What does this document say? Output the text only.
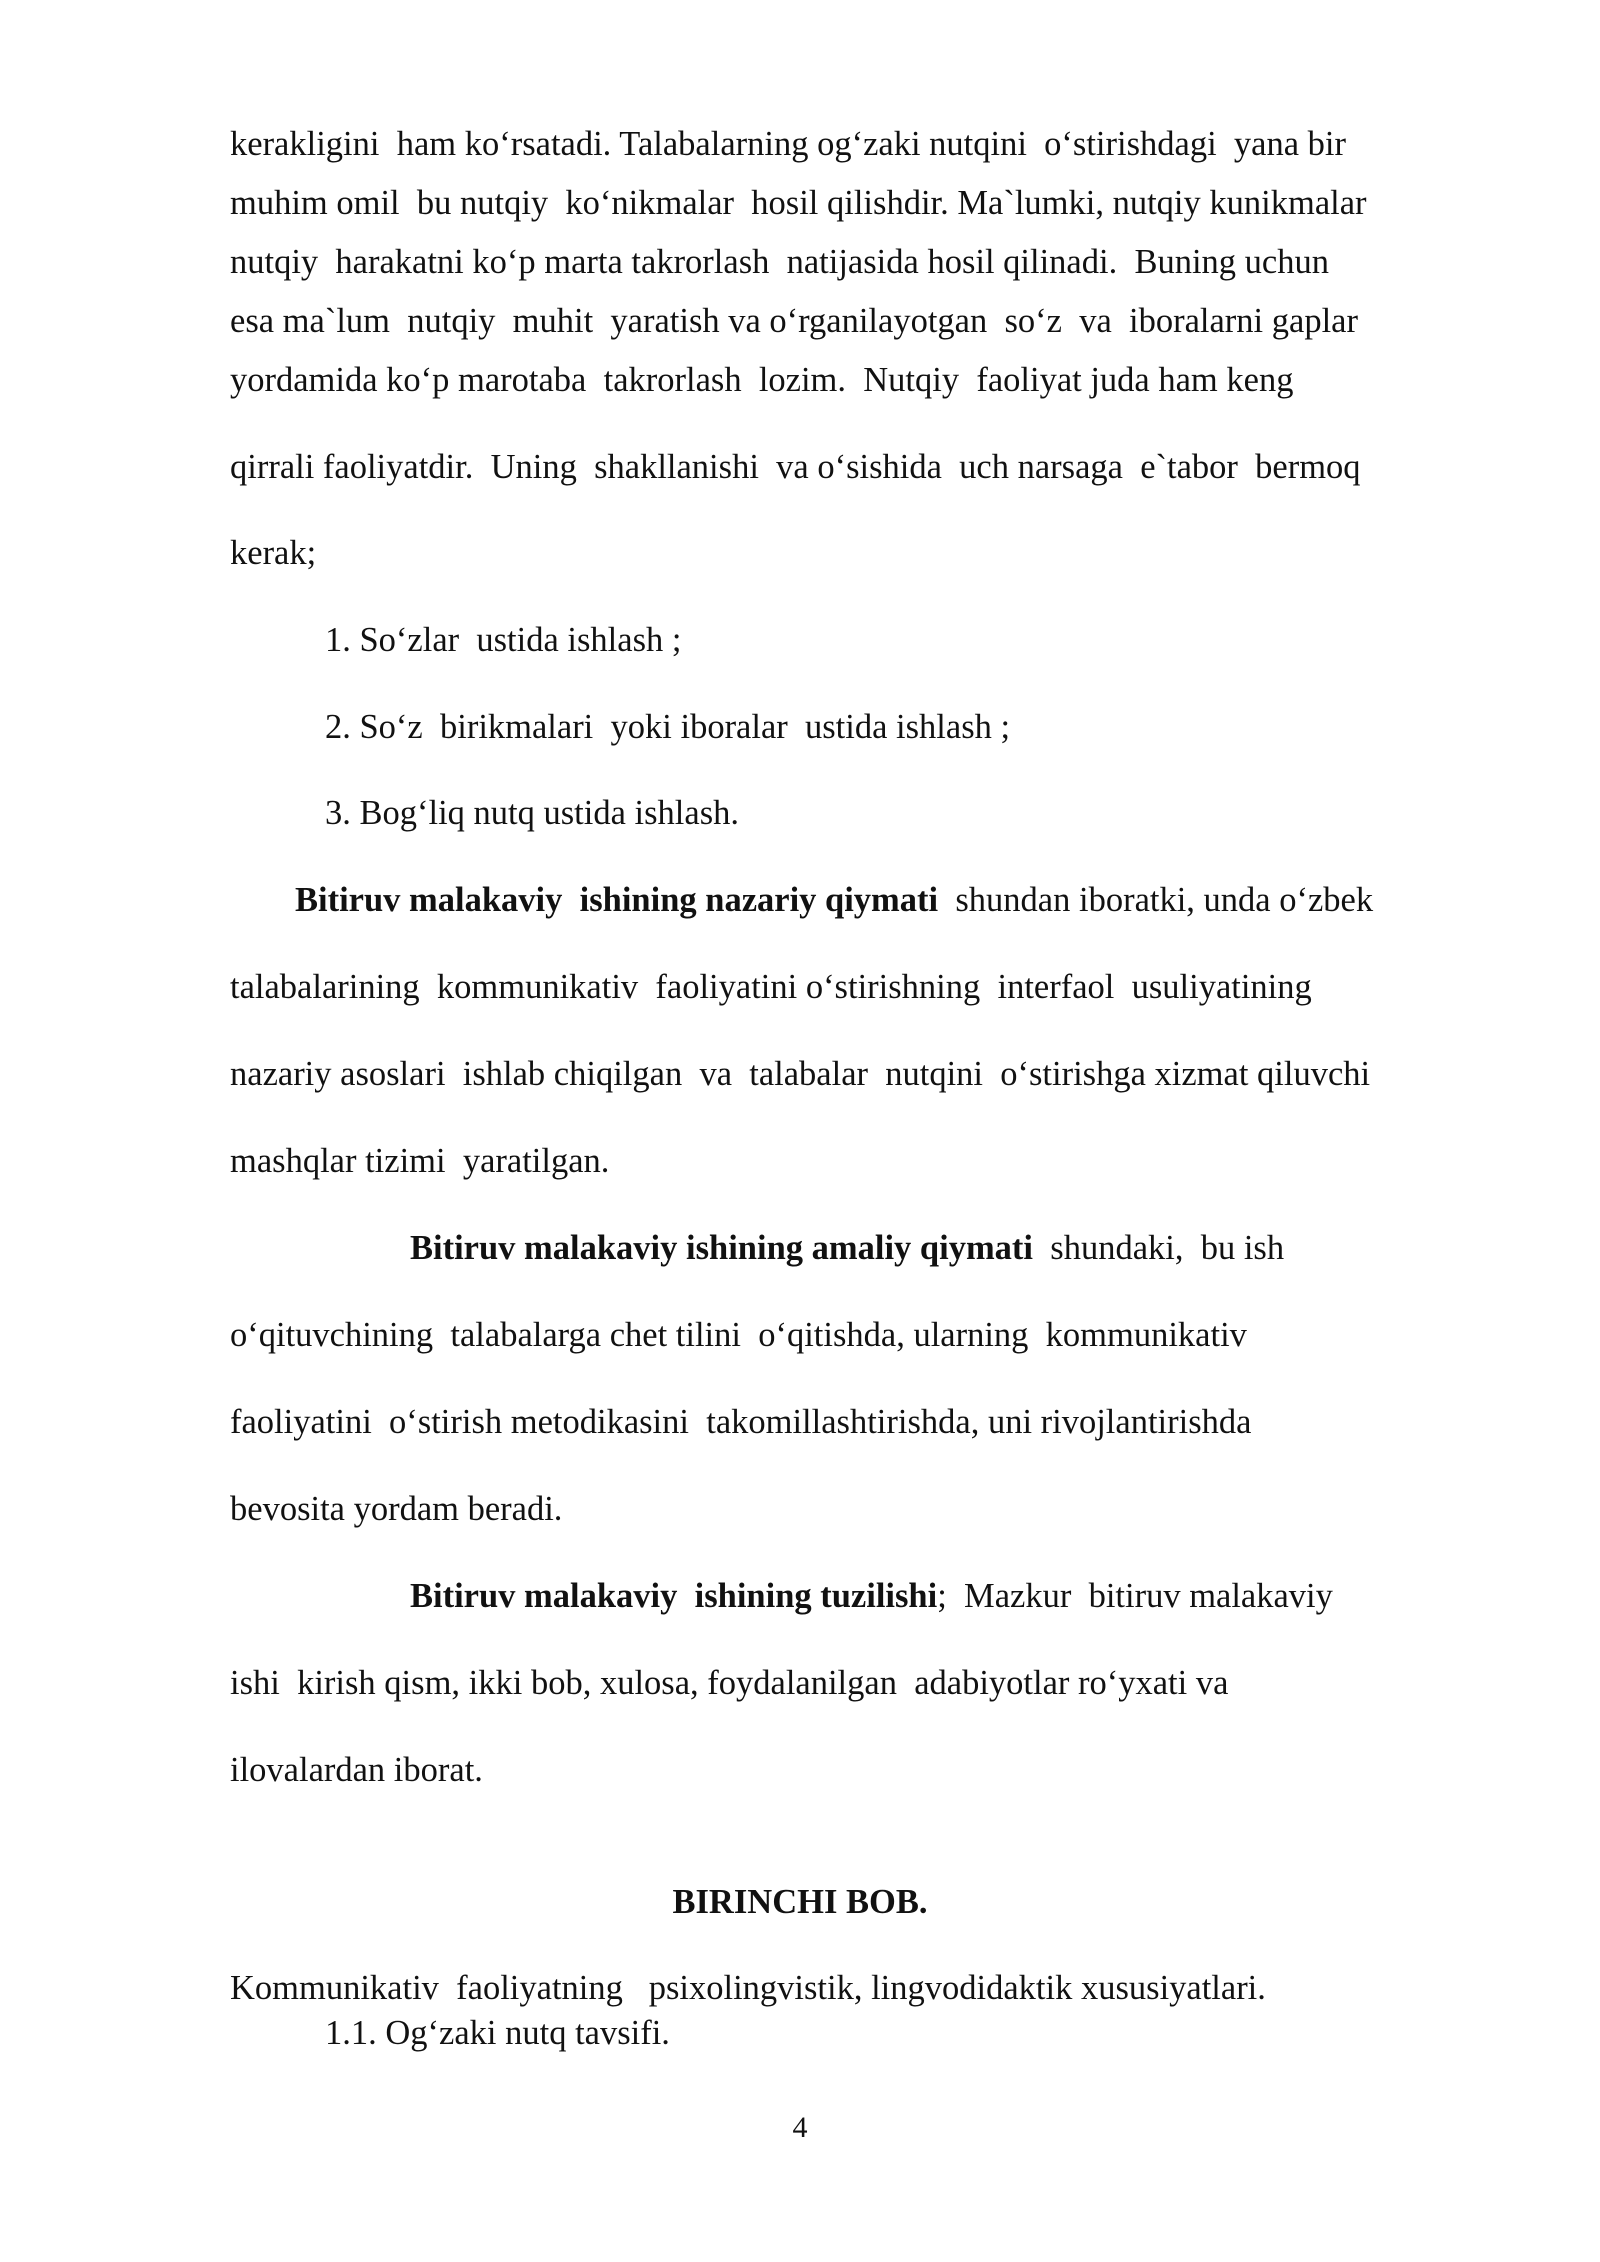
kerakligini  ham ko‘rsatadi. Talabalarning og‘zaki nutqini  o‘stirishdagi  yana bir

muhim omil  bu nutqiy  ko‘nikmalar  hosil qilishdir. Ma`lumki, nutqiy kunikmalar

nutqiy  harakatni ko‘p marta takrorlash  natijasida hosil qilinadi.  Buning uchun

esa ma`lum  nutqiy  muhit  yaratish va o‘rganilayotgan  so‘z  va  iboralarni gaplar

yordamida ko‘p marotaba  takrorlash  lozim.  Nutqiy  faoliyat juda ham keng

qirrali faoliyatdir.  Uning  shakllanishi  va o‘sishida  uch narsaga  e`tabor  bermoq

kerak;

1. So‘zlar  ustida ishlash ;

2. So‘z  birikmalari  yoki iboralar  ustida ishlash ;

3. Bog‘liq nutq ustida ishlash.

Bitiruv malakaviy  ishining nazariy qiymati  shundan iboratki, unda o‘zbek

talabalarining  kommunikativ  faoliyatini o‘stirishning  interfaol  usuliyatining

nazariy asoslari  ishlab chiqilgan  va  talabalar  nutqini  o‘stirishga xizmat qiluvchi

mashqlar tizimi  yaratilgan.

Bitiruv malakaviy ishining amaliy qiymati  shundaki,  bu ish

o‘qituvchining  talabalarga chet tilini  o‘qitishda, ularning  kommunikativ

faoliyatini  o‘stirish metodikasini  takomillashtirishda, uni rivojlantirishda

bevosita yordam beradi.

Bitiruv malakaviy  ishining tuzilishi;  Mazkur  bitiruv malakaviy

ishi  kirish qism, ikki bob, xulosa, foydalanilgan  adabiyotlar ro‘yxati va

ilovalardan iborat.

BIRINCHI BOB.

Kommunikativ  faoliyatning   psixolingvistik, lingvodidaktik xususiyatlari.

1.1. Og‘zaki nutq tavsifi.

4
